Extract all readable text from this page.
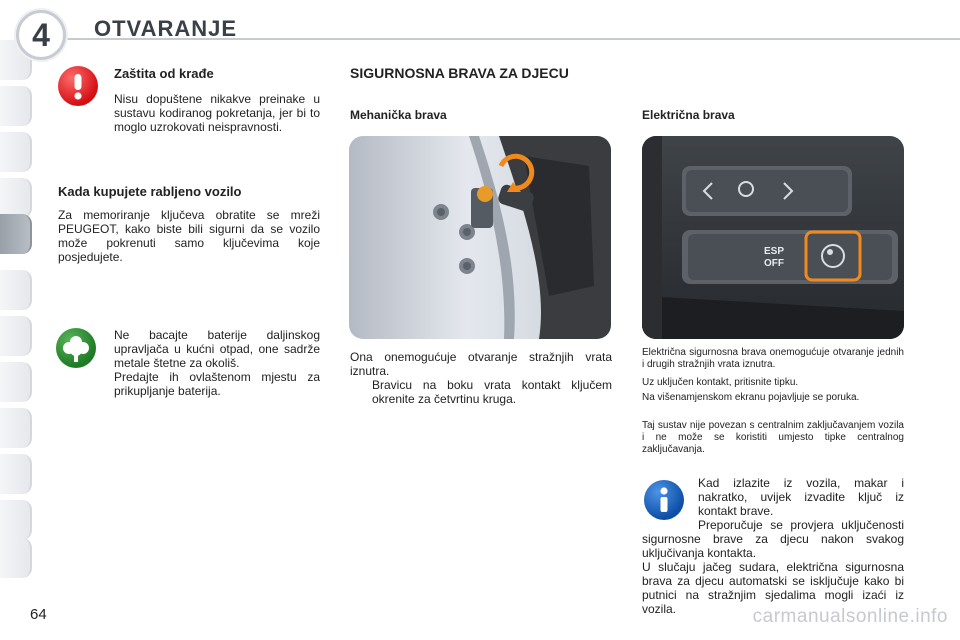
4	OTVARANJE
Zaštita od krađe
Nisu dopuštene nikakve preinake u sustavu kodiranog pokretanja, jer bi to moglo uzrokovati neispravnosti.
Kada kupujete rabljeno vozilo
Za memoriranje ključeva obratite se mreži PEUGEOT, kako biste bili sigurni da se vozilo može pokrenuti samo ključevima koje posjedujete.
Ne bacajte baterije daljinskog upravljača u kućni otpad, one sadrže metale štetne za okoliš.
Predajte ih ovlaštenom mjestu za prikupljanje baterija.
SIGURNOSNA BRAVA ZA DJECU
Mehanička brava	Električna brava
ESP
OFF
Ona onemogućuje otvaranje stražnjih vrata iznutra.
Bravicu na boku vrata kontakt ključem okrenite za četvrtinu kruga.
Električna sigurnosna brava onemogućuje otvaranje jednih i drugih stražnjih vrata iznutra.
Uz uključen kontakt, pritisnite tipku.
Na višenamjenskom ekranu pojavljuje se poruka.
Taj sustav nije povezan s centralnim zaključavanjem vozila i ne može se koristiti umjesto tipke centralnog zaključavanja.
Kad izlazite iz vozila, makar i nakratko, uvijek izvadite ključ iz kontakt brave.
Preporučuje se provjera uključenosti sigurnosne brave za djecu nakon svakog uključivanja kontakta.
U slučaju jačeg sudara, električna sigurnosna brava za djecu automatski se isključuje kako bi putnici na stražnjim sjedalima mogli izaći iz vozila.
64	carmanualsonline.info
